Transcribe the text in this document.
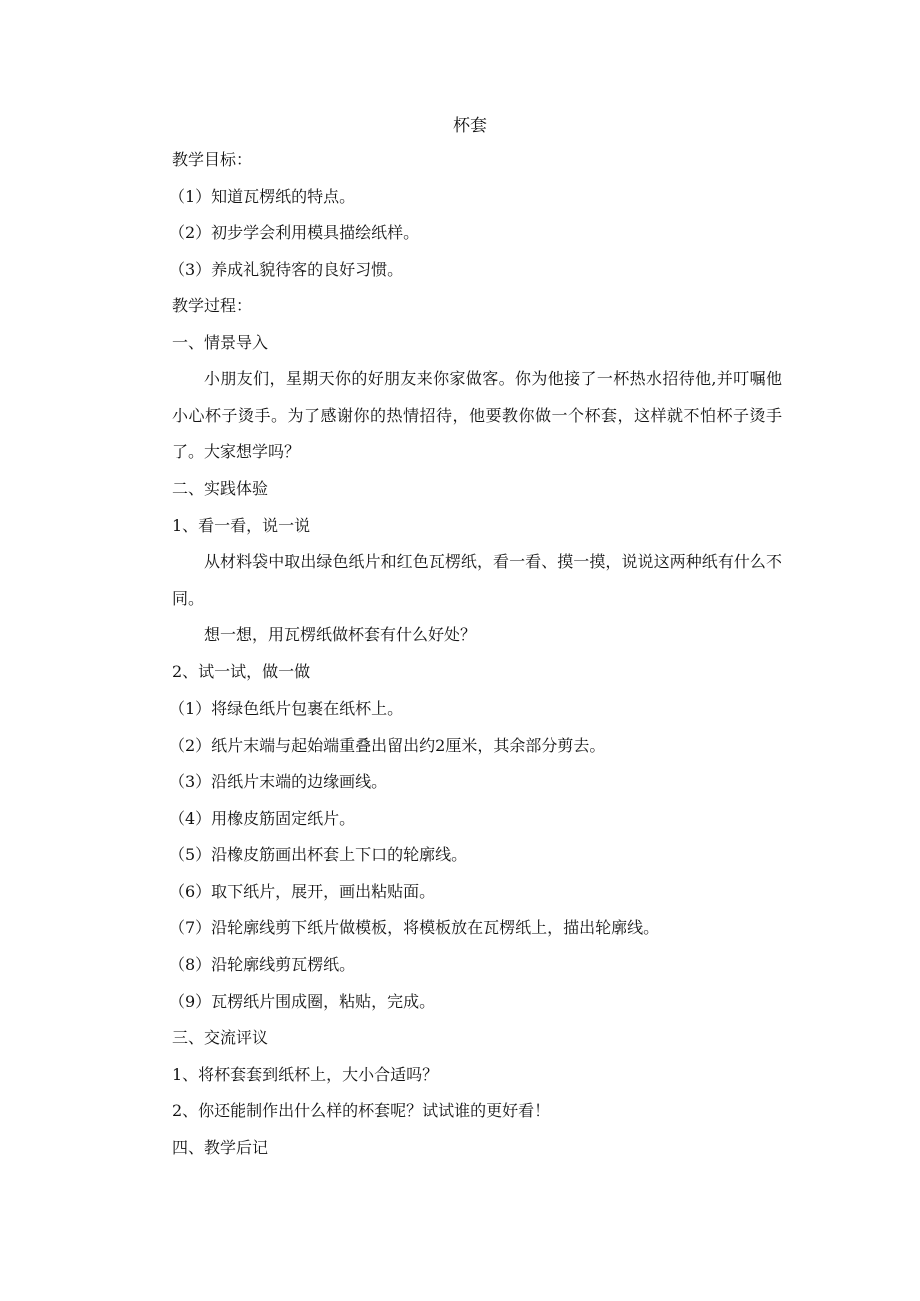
杯套
教学目标：
（1）知道瓦楞纸的特点。
（2）初步学会利用模具描绘纸样。
（3）养成礼貌待客的良好习惯。
教学过程：
一、情景导入
小朋友们，星期天你的好朋友来你家做客。你为他接了一杯热水招待他,并叮嘱他小心杯子烫手。为了感谢你的热情招待，他要教你做一个杯套，这样就不怕杯子烫手了。大家想学吗？
二、实践体验
1、看一看，说一说
从材料袋中取出绿色纸片和红色瓦楞纸，看一看、摸一摸，说说这两种纸有什么不同。
想一想，用瓦楞纸做杯套有什么好处？
2、试一试，做一做
（1）将绿色纸片包裹在纸杯上。
（2）纸片末端与起始端重叠出留出约2厘米，其余部分剪去。
（3）沿纸片末端的边缘画线。
（4）用橡皮筋固定纸片。
（5）沿橡皮筋画出杯套上下口的轮廓线。
（6）取下纸片，展开，画出粘贴面。
（7）沿轮廓线剪下纸片做模板，将模板放在瓦楞纸上，描出轮廓线。
（8）沿轮廓线剪瓦楞纸。
（9）瓦楞纸片围成圈，粘贴，完成。
三、交流评议
1、将杯套套到纸杯上，大小合适吗？
2、你还能制作出什么样的杯套呢？试试谁的更好看！
四、教学后记
